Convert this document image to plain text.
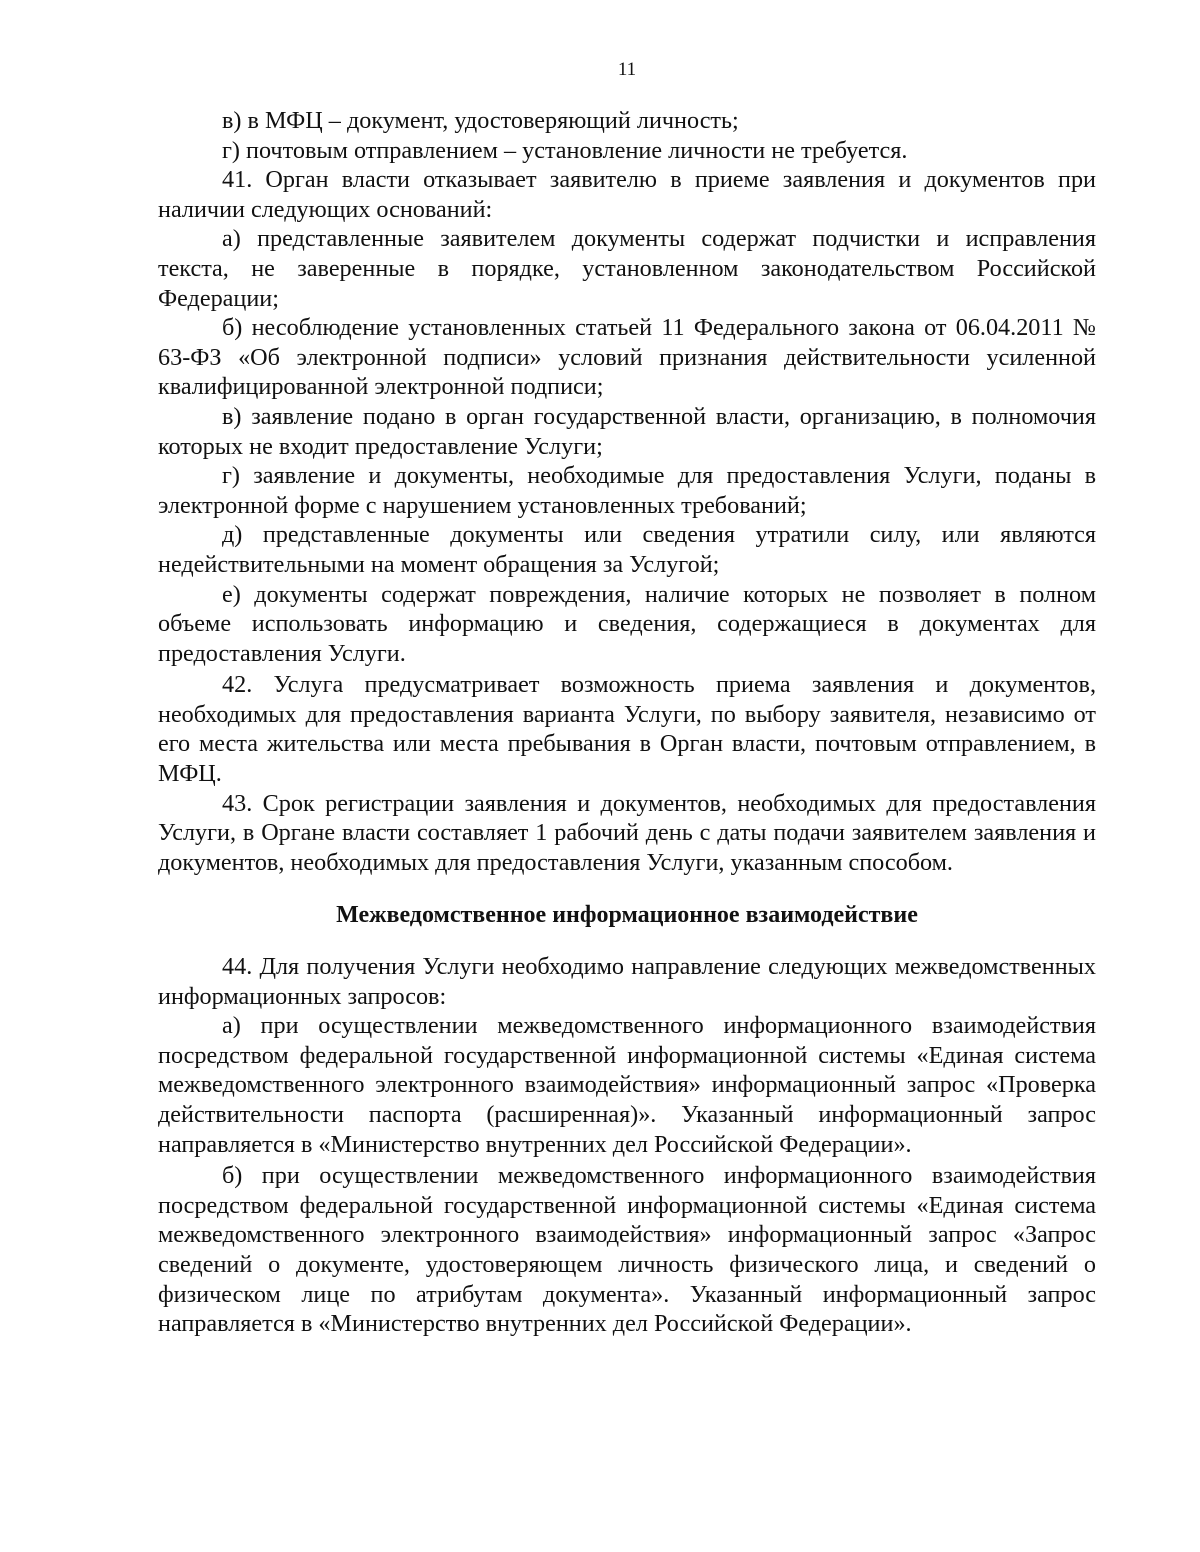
11

в) в МФЦ – документ, удостоверяющий личность;

г) почтовым отправлением – установление личности не требуется.

41. Орган власти отказывает заявителю в приеме заявления и документов при наличии следующих оснований:

а) представленные заявителем документы содержат подчистки и исправления текста, не заверенные в порядке, установленном законодательством Российской Федерации;

б) несоблюдение установленных статьей 11 Федерального закона от 06.04.2011 № 63-ФЗ «Об электронной подписи» условий признания действительности усиленной квалифицированной электронной подписи;

в) заявление подано в орган государственной власти, организацию, в полномочия которых не входит предоставление Услуги;

г) заявление и документы, необходимые для предоставления Услуги, поданы в электронной форме с нарушением установленных требований;

д) представленные документы или сведения утратили силу, или являются недействительными на момент обращения за Услугой;

е) документы содержат повреждения, наличие которых не позволяет в полном объеме использовать информацию и сведения, содержащиеся в документах для предоставления Услуги.

42. Услуга предусматривает возможность приема заявления и документов, необходимых для предоставления варианта Услуги, по выбору заявителя, независимо от его места жительства или места пребывания в Орган власти, почтовым отправлением, в МФЦ.

43. Срок регистрации заявления и документов, необходимых для предоставления Услуги, в Органе власти составляет 1 рабочий день с даты подачи заявителем заявления и документов, необходимых для предоставления Услуги, указанным способом.

Межведомственное информационное взаимодействие

44. Для получения Услуги необходимо направление следующих межведомственных информационных запросов:

а) при осуществлении межведомственного информационного взаимодействия посредством федеральной государственной информационной системы «Единая система межведомственного электронного взаимодействия» информационный запрос «Проверка действительности паспорта (расширенная)». Указанный информационный запрос направляется в «Министерство внутренних дел Российской Федерации».

б) при осуществлении межведомственного информационного взаимодействия посредством федеральной государственной информационной системы «Единая система межведомственного электронного взаимодействия» информационный запрос «Запрос сведений о документе, удостоверяющем личность физического лица, и сведений о физическом лице по атрибутам документа». Указанный информационный запрос направляется в «Министерство внутренних дел Российской Федерации».
